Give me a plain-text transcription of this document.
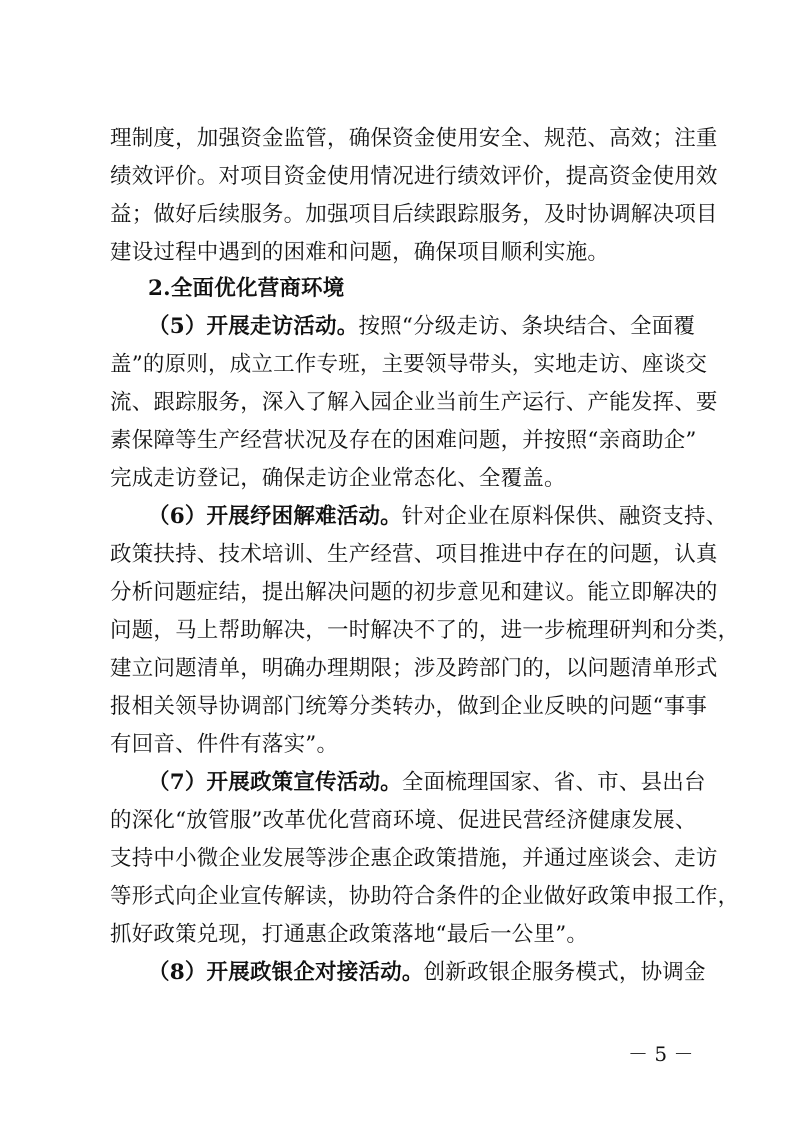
理制度，加强资金监管，确保资金使用安全、规范、高效；注重
绩效评价。对项目资金使用情况进行绩效评价，提高资金使用效
益；做好后续服务。加强项目后续跟踪服务，及时协调解决项目
建设过程中遇到的困难和问题，确保项目顺利实施。
2.全面优化营商环境
（5）开展走访活动。按照“分级走访、条块结合、全面覆
盖”的原则，成立工作专班，主要领导带头，实地走访、座谈交
流、跟踪服务，深入了解入园企业当前生产运行、产能发挥、要
素保障等生产经营状况及存在的困难问题，并按照“亲商助企”
完成走访登记，确保走访企业常态化、全覆盖。
（6）开展纾困解难活动。针对企业在原料保供、融资支持、
政策扶持、技术培训、生产经营、项目推进中存在的问题，认真
分析问题症结，提出解决问题的初步意见和建议。能立即解决的
问题，马上帮助解决，一时解决不了的，进一步梳理研判和分类，
建立问题清单，明确办理期限；涉及跨部门的，以问题清单形式
报相关领导协调部门统筹分类转办，做到企业反映的问题“事事
有回音、件件有落实”。
（7）开展政策宣传活动。全面梳理国家、省、市、县出台
的深化“放管服”改革优化营商环境、促进民营经济健康发展、
支持中小微企业发展等涉企惠企政策措施，并通过座谈会、走访
等形式向企业宣传解读，协助符合条件的企业做好政策申报工作，
抓好政策兑现，打通惠企政策落地“最后一公里”。
（8）开展政银企对接活动。创新政银企服务模式，协调金
－ 5 －
